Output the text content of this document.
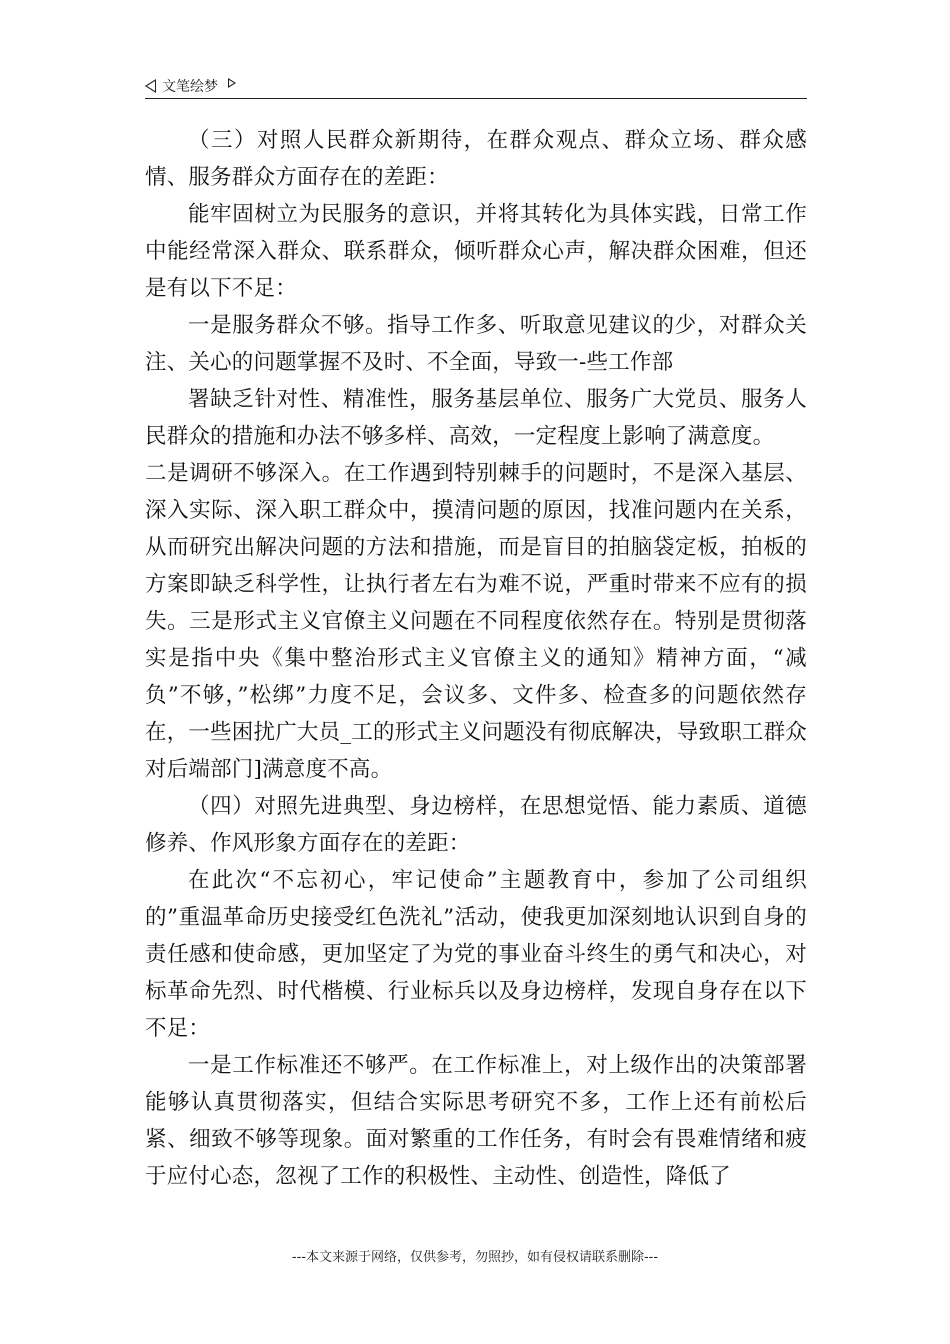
文笔绘梦

（三）对照人民群众新期待，在群众观点、群众立场、群众感情、服务群众方面存在的差距：

能牢固树立为民服务的意识，并将其转化为具体实践，日常工作中能经常深入群众、联系群众，倾听群众心声，解决群众困难，但还是有以下不足：

一是服务群众不够。指导工作多、听取意见建议的少，对群众关注、关心的问题掌握不及时、不全面，导致一-些工作部

署缺乏针对性、精准性，服务基层单位、服务广大党员、服务人民群众的措施和办法不够多样、高效，一定程度上影响了满意度。

二是调研不够深入。在工作遇到特别棘手的问题时，不是深入基层、深入实际、深入职工群众中，摸清问题的原因，找准问题内在关系，从而研究出解决问题的方法和措施，而是盲目的拍脑袋定板，拍板的方案即缺乏科学性，让执行者左右为难不说，严重时带来不应有的损失。三是形式主义官僚主义问题在不同程度依然存在。特别是贯彻落实是指中央《集中整治形式主义官僚主义的通知》精神方面，“减负”不够，”松绑”力度不足，会议多、文件多、检查多的问题依然存在，一些困扰广大员_工的形式主义问题没有彻底解决，导致职工群众对后端部门]满意度不高。

（四）对照先进典型、身边榜样，在思想觉悟、能力素质、道德修养、作风形象方面存在的差距：

在此次“不忘初心，牢记使命”主题教育中，参加了公司组织的”重温革命历史接受红色洗礼”活动，使我更加深刻地认识到自身的责任感和使命感，更加坚定了为党的事业奋斗终生的勇气和决心，对标革命先烈、时代楷模、行业标兵以及身边榜样，发现自身存在以下不足：

一是工作标准还不够严。在工作标准上，对上级作出的决策部署能够认真贯彻落实，但结合实际思考研究不多，工作上还有前松后紧、细致不够等现象。面对繁重的工作任务，有时会有畏难情绪和疲于应付心态，忽视了工作的积极性、主动性、创造性，降低了

---本文来源于网络，仅供参考，勿照抄，如有侵权请联系删除---
